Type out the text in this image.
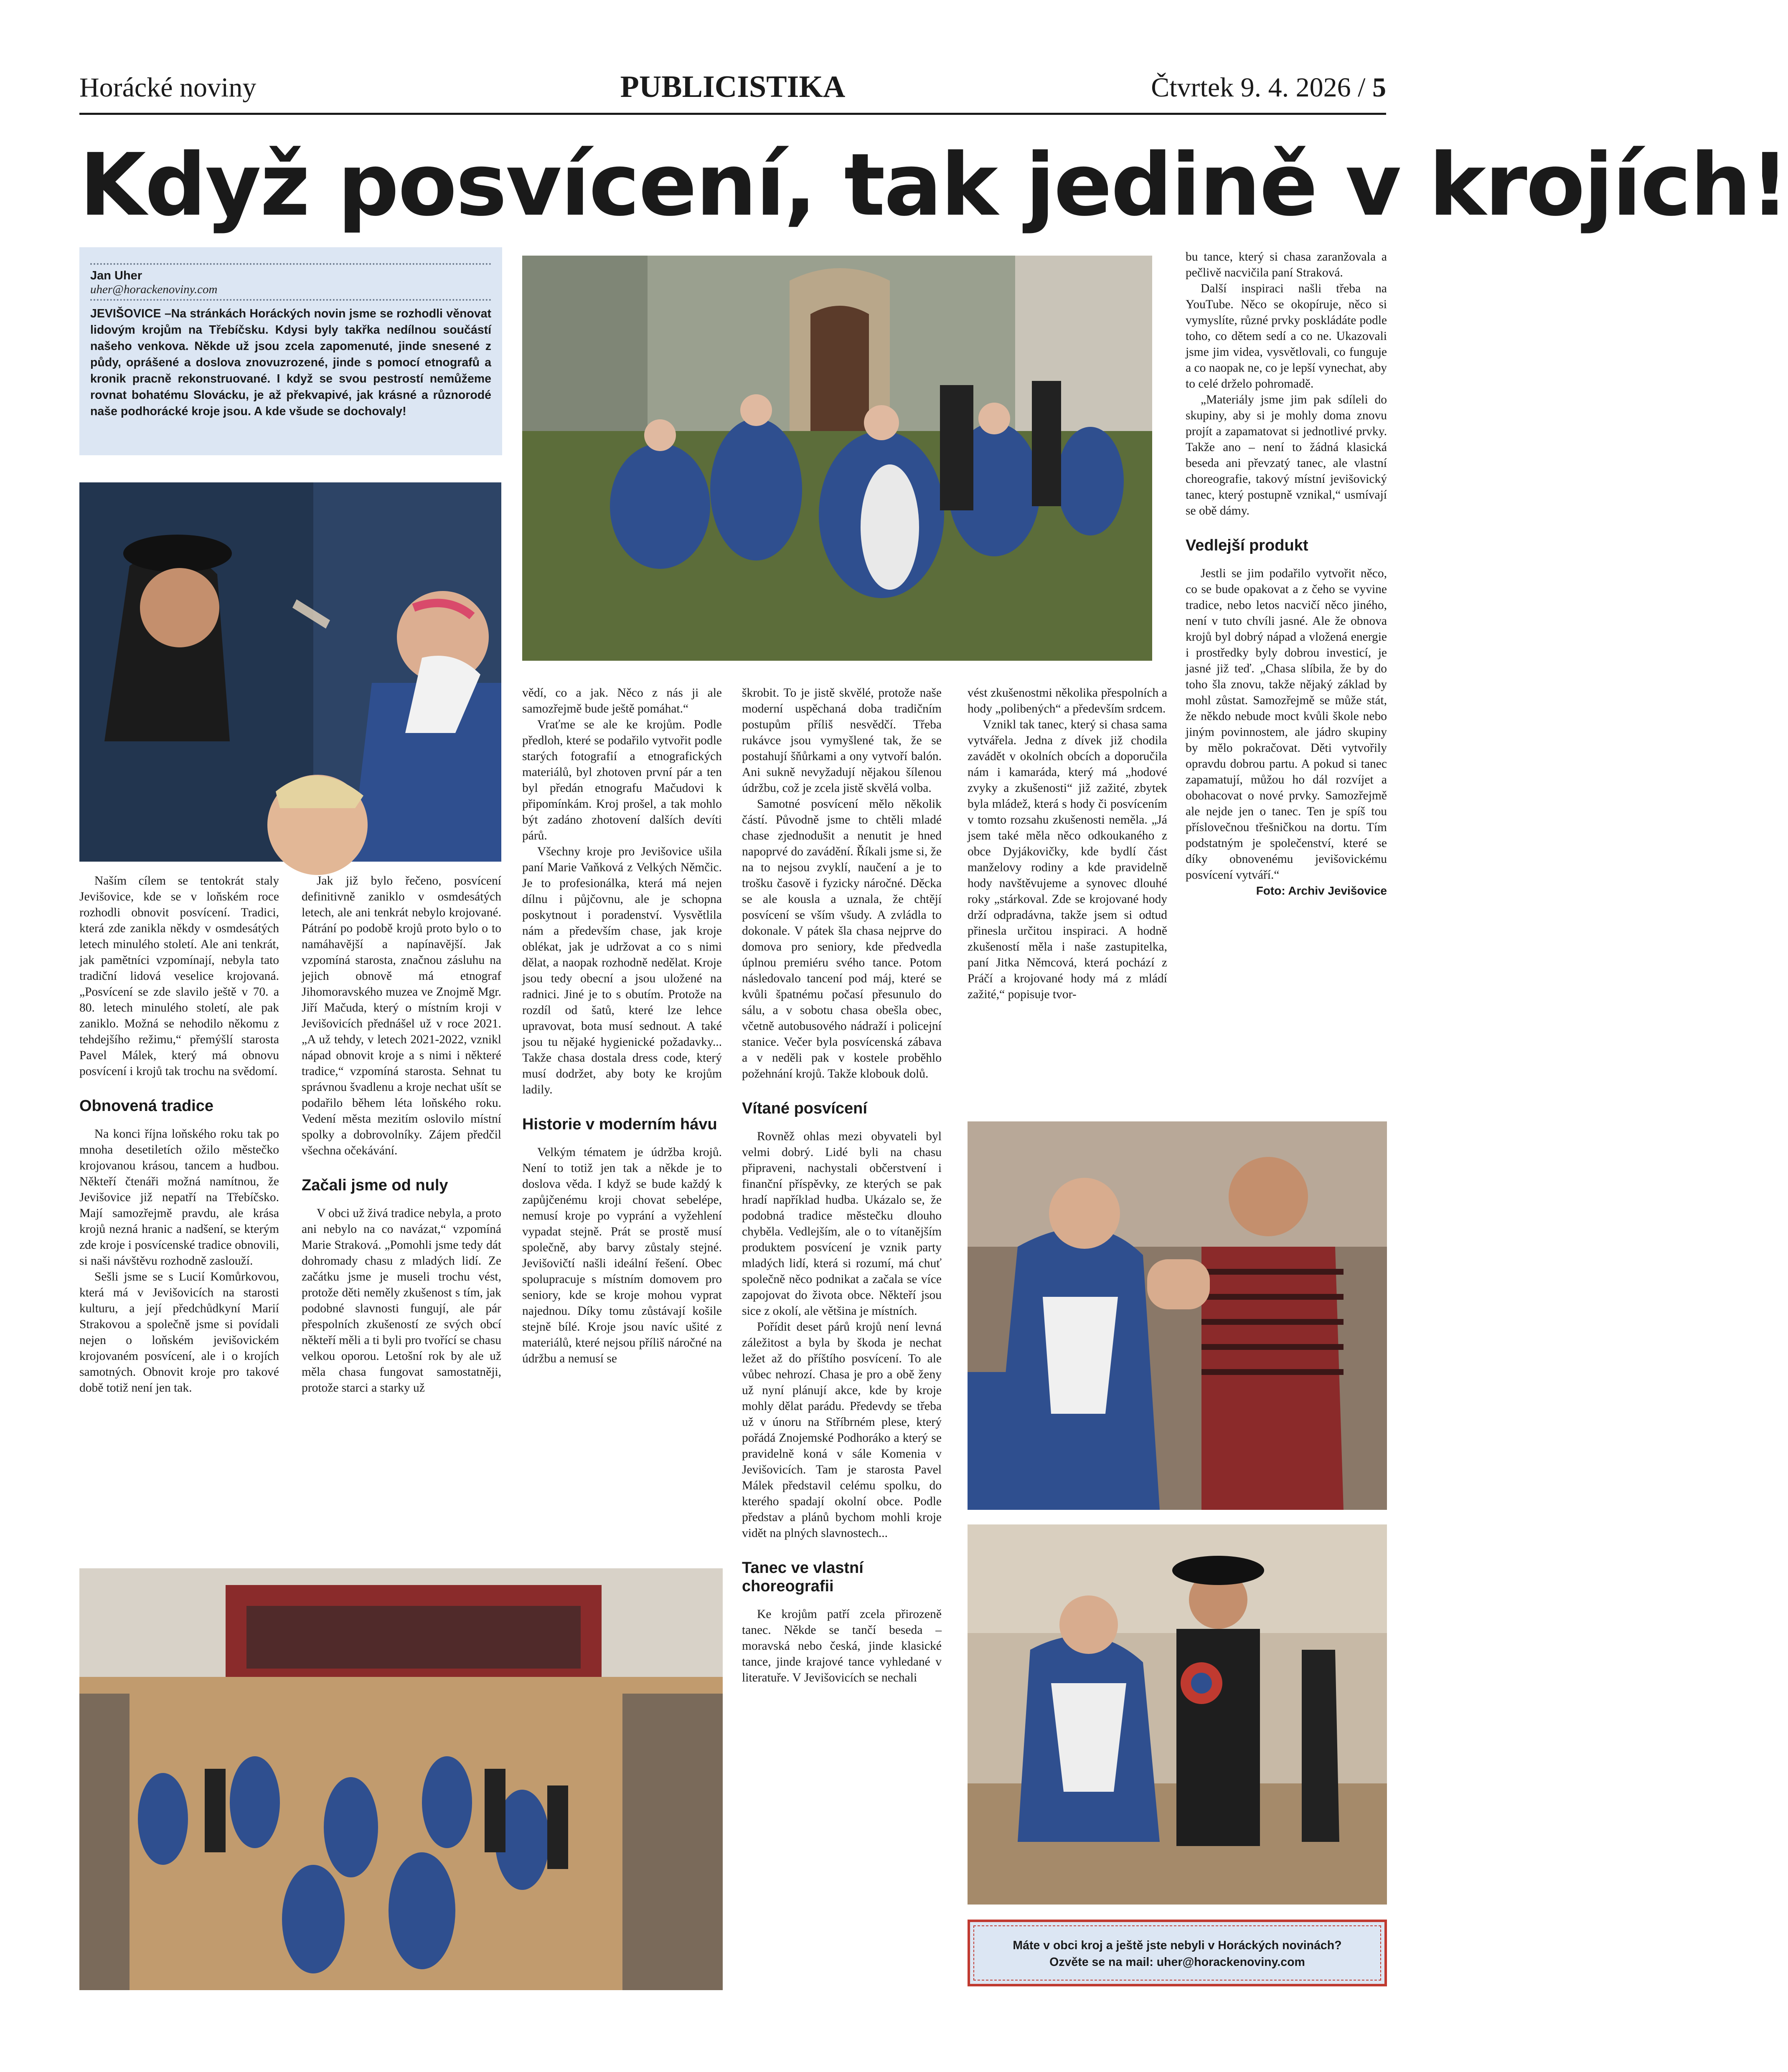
Horácké noviny	PUBLICISTIKA	Čtvrtek 9. 4. 2026 / 5
Když posvícení, tak jedině v krojích!
Jan Uher
uher@horackenoviny.com
JEVIŠOVICE –Na stránkách Horáckých novin jsme se rozhodli věnovat lidovým krojům na Třebíčsku. Kdysi byly takřka nedílnou součástí našeho venkova. Někde už jsou zcela zapomenuté, jinde snesené z půdy, oprášené a doslova znovuzrozené, jinde s pomocí etnografů a kronik pracně rekonstruované. I když se svou pestrostí nemůžeme rovnat bohatému Slovácku, je až překvapivé, jak krásné a různorodé naše podhorácké kroje jsou. A kde všude se dochovaly!

Naším cílem se tentokrát staly Jevišovice, kde se v loňském roce rozhodli obnovit posvícení. Tradici, která zde zanikla někdy v osmdesátých letech minulého století. Ale ani tenkrát, jak pamětníci vzpomínají, nebyla tato tradiční lidová veselice krojovaná. „Posvícení se zde slavilo ještě v 70. a 80. letech minulého století, ale pak zaniklo. Možná se nehodilo někomu z tehdejšího režimu,“ přemýšlí starosta Pavel Málek, který má obnovu posvícení i krojů tak trochu na svědomí.

Obnovená tradice

Na konci října loňského roku tak po mnoha desetiletích ožilo městečko krojovanou krásou, tancem a hudbou. Někteří čtenáři možná namítnou, že Jevišovice již nepatří na Třebíčsko. Mají samozřejmě pravdu, ale krása krojů nezná hranic a nadšení, se kterým zde kroje i posvícenské tradice obnovili, si naši návštěvu rozhodně zaslouží.

Sešli jsme se s Lucií Komůrkovou, která má v Jevišovicích na starosti kulturu, a její předchůdkyní Marií Strakovou a společně jsme si povídali nejen o loňském jevišovickém krojovaném posvícení, ale i o krojích samotných. Obnovit kroje pro takové době totiž není jen tak.

Jak již bylo řečeno, posvícení definitivně zaniklo v osmdesátých letech, ale ani tenkrát nebylo krojované. Pátrání po podobě krojů proto bylo o to namáhavější a napínavější. Jak vzpomíná starosta, značnou zásluhu na jejich obnově má etnograf Jihomoravského muzea ve Znojmě Mgr. Jiří Mačuda, který o místním kroji v Jevišovicích přednášel už v roce 2021. „A už tehdy, v letech 2021-2022, vznikl nápad obnovit kroje a s nimi i některé tradice,“ vzpomíná starosta. Sehnat tu správnou švadlenu a kroje nechat ušít se podařilo během léta loňského roku. Vedení města mezitím oslovilo místní spolky a dobrovolníky. Zájem předčil všechna očekávání.

Začali jsme od nuly

V obci už živá tradice nebyla, a proto ani nebylo na co navázat,“ vzpomíná Marie Straková. „Pomohli jsme tedy dát dohromady chasu z mladých lidí. Ze začátku jsme je museli trochu vést, protože děti neměly zkušenost s tím, jak podobné slavnosti fungují, ale pár přespolních zkušeností ze svých obcí někteří měli a ti byli pro tvořící se chasu velkou oporou. Letošní rok by ale už měla chasa fungovat samostatněji, protože starci a starky už

vědí, co a jak. Něco z nás ji ale samozřejmě bude ještě pomáhat.“

Vraťme se ale ke krojům. Podle předloh, které se podařilo vytvořit podle starých fotografií a etnografických materiálů, byl zhotoven první pár a ten byl předán etnografu Mačudovi k připomínkám. Kroj prošel, a tak mohlo být zadáno zhotovení dalších devíti párů.

Všechny kroje pro Jevišovice ušila paní Marie Vaňková z Velkých Němčic. Je to profesionálka, která má nejen dílnu i půjčovnu, ale je schopna poskytnout i poradenství. Vysvětlila nám a především chase, jak kroje oblékat, jak je udržovat a co s nimi dělat, a naopak rozhodně nedělat. Kroje jsou tedy obecní a jsou uložené na radnici. Jiné je to s obutím. Protože na rozdíl od šatů, které lze lehce upravovat, bota musí sednout. A také jsou tu nějaké hygienické požadavky... Takže chasa dostala dress code, který musí dodržet, aby boty ke krojům ladily.

Historie v moderním hávu

Velkým tématem je údržba krojů. Není to totiž jen tak a někde je to doslova věda. I když se bude každý k zapůjčenému kroji chovat sebelépe, nemusí kroje po vyprání a vyžehlení vypadat stejně. Prát se prostě musí společně, aby barvy zůstaly stejné. Jevišovičtí našli ideální řešení. Obec spolupracuje s místním domovem pro seniory, kde se kroje mohou vyprat najednou. Díky tomu zůstávají košile stejně bílé. Kroje jsou navíc ušité z materiálů, které nejsou příliš náročné na údržbu a nemusí se

škrobit. To je jistě skvělé, protože naše moderní uspěchaná doba tradičním postupům příliš nesvědčí. Třeba rukávce jsou vymyšlené tak, že se postahují šňůrkami a ony vytvoří balón. Ani sukně nevyžadují nějakou šílenou údržbu, což je zcela jistě skvělá volba.

Samotné posvícení mělo několik částí. Původně jsme to chtěli mladé chase zjednodušit a nenutit je hned napoprvé do zavádění. Říkali jsme si, že na to nejsou zvyklí, naučení a je to trošku časově i fyzicky náročné. Děcka se ale kousla a uznala, že chtějí posvícení se vším všudy. A zvládla to dokonale. V pátek šla chasa nejprve do domova pro seniory, kde předvedla úplnou premiéru svého tance. Potom následovalo tancení pod máj, které se kvůli špatnému počasí přesunulo do sálu, a v sobotu chasa obešla obec, včetně autobusového nádraží i policejní stanice. Večer byla posvícenská zábava a v neděli pak v kostele proběhlo požehnání krojů. Takže klobouk dolů.

Vítané posvícení

Rovněž ohlas mezi obyvateli byl velmi dobrý. Lidé byli na chasu připraveni, nachystali občerstvení i finanční příspěvky, ze kterých se pak hradí například hudba. Ukázalo se, že podobná tradice městečku dlouho chyběla. Vedlejším, ale o to vítanějším produktem posvícení je vznik party mladých lidí, která si rozumí, má chuť společně něco podnikat a začala se více zapojovat do života obce. Někteří jsou sice z okolí, ale většina je místních.

Pořídit deset párů krojů není levná záležitost a byla by škoda je nechat ležet až do příštího posvícení. To ale vůbec nehrozí. Chasa je pro a obě ženy už nyní plánují akce, kde by kroje mohly dělat parádu. Předevdy se třeba už v únoru na Stříbrném plese, který pořádá Znojemské Podhoráko a který se pravidelně koná v sále Komenia v Jevišovicích. Tam je starosta Pavel Málek představil celému spolku, do kterého spadají okolní obce. Podle představ a plánů bychom mohli kroje vidět na plných slavnostech...

Tanec ve vlastní choreografii

Ke krojům patří zcela přirozeně tanec. Někde se tančí beseda – moravská nebo česká, jinde klasické tance, jinde krajové tance vyhledané v literatuře. V Jevišovicích se nechali

vést zkušenostmi několika přespolních a hody „polibených“ a především srdcem.

Vznikl tak tanec, který si chasa sama vytvářela. Jedna z dívek již chodila zavádět v okolních obcích a doporučila nám i kamaráda, který má „hodové zvyky a zkušenosti“ již zažité, zbytek byla mládež, která s hody či posvícením v tomto rozsahu zkušenosti neměla. „Já jsem také měla něco odkoukaného z obce Dyjákovičky, kde bydlí část manželovy rodiny a kde pravidelně hody navštěvujeme a synovec dlouhé roky „stárkoval. Zde se krojované hody drží odpradávna, takže jsem si odtud přinesla určitou inspiraci. A hodně zkušeností měla i naše zastupitelka, paní Jitka Němcová, která pochází z Práčí a krojované hody má z mládí zažité,“ popisuje tvor-

bu tance, který si chasa zaranžovala a pečlivě nacvičila paní Straková.

Další inspiraci našli třeba na YouTube. Něco se okopíruje, něco si vymyslíte, různé prvky poskládáte podle toho, co dětem sedí a co ne. Ukazovali jsme jim videa, vysvětlovali, co funguje a co naopak ne, co je lepší vynechat, aby to celé drželo pohromadě.

„Materiály jsme jim pak sdíleli do skupiny, aby si je mohly doma znovu projít a zapamatovat si jednotlivé prvky. Takže ano – není to žádná klasická beseda ani převzatý tanec, ale vlastní choreografie, takový místní jevišovický tanec, který postupně vznikal,“ usmívají se obě dámy.

Vedlejší produkt

Jestli se jim podařilo vytvořit něco, co se bude opakovat a z čeho se vyvine tradice, nebo letos nacvičí něco jiného, není v tuto chvíli jasné. Ale že obnova krojů byl dobrý nápad a vložená energie i prostředky byly dobrou investicí, je jasné již teď. „Chasa slíbila, že by do toho šla znovu, takže nějaký základ by mohl zůstat. Samozřejmě se může stát, že někdo nebude moct kvůli škole nebo jiným povinnostem, ale jádro skupiny by mělo pokračovat. Děti vytvořily opravdu dobrou partu. A pokud si tanec zapamatují, můžou ho dál rozvíjet a obohacovat o nové prvky. Samozřejmě ale nejde jen o tanec. Ten je spíš tou příslovečnou třešničkou na dortu. Tím podstatným je společenství, které se díky obnovenému jevišovickému posvícení vytváří.“

Foto: Archiv Jevišovice
Máte v obci kroj a ještě jste nebyli v Horáckých novinách?
Ozvěte se na mail: uher@horackenoviny.com
